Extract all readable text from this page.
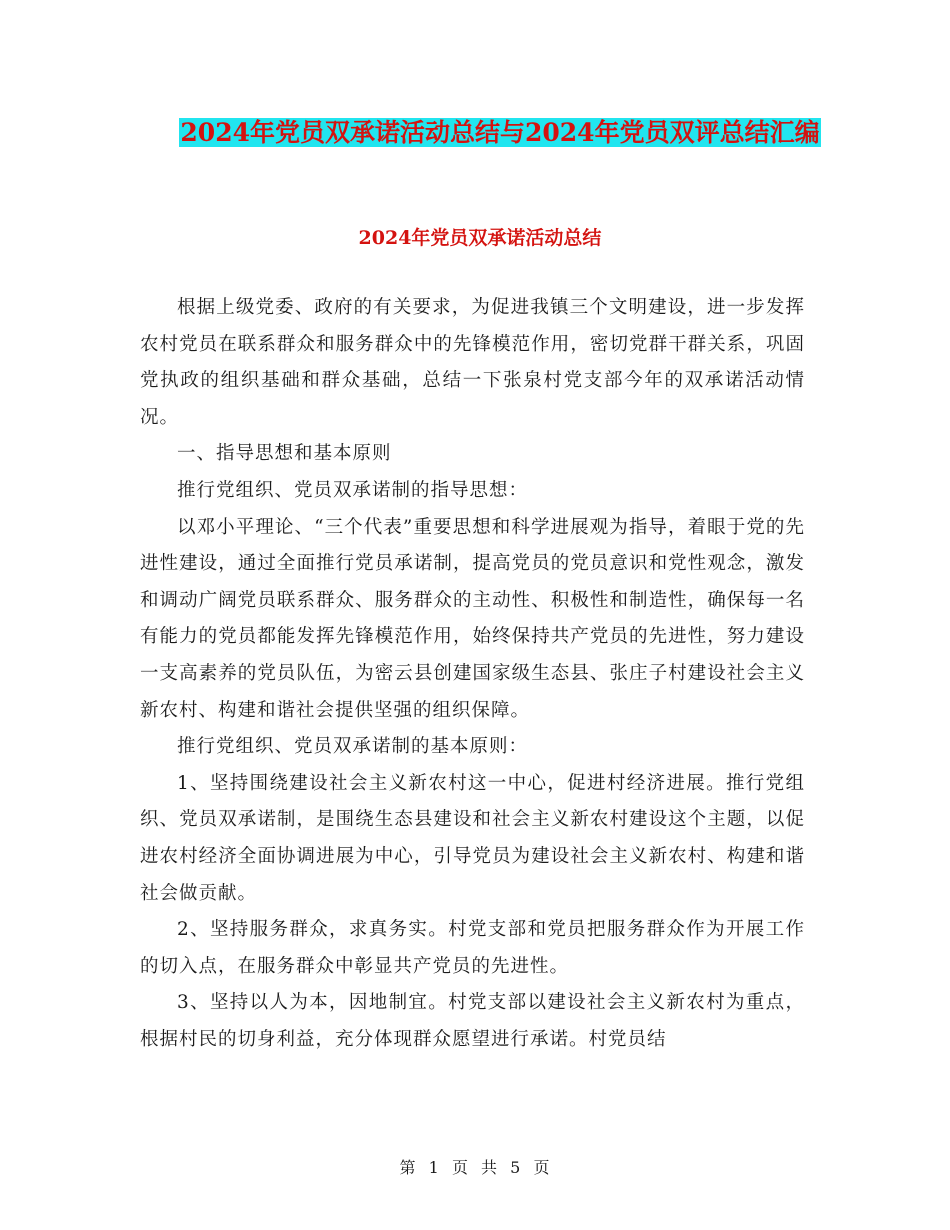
2024年党员双承诺活动总结与2024年党员双评总结汇编
2024年党员双承诺活动总结

根据上级党委、政府的有关要求，为促进我镇三个文明建设，进一步发挥农村党员在联系群众和服务群众中的先锋模范作用，密切党群干群关系，巩固党执政的组织基础和群众基础，总结一下张泉村党支部今年的双承诺活动情况。

一、指导思想和基本原则

推行党组织、党员双承诺制的指导思想：

以邓小平理论、“三个代表”重要思想和科学进展观为指导，着眼于党的先进性建设，通过全面推行党员承诺制，提高党员的党员意识和党性观念，激发和调动广阔党员联系群众、服务群众的主动性、积极性和制造性，确保每一名有能力的党员都能发挥先锋模范作用，始终保持共产党员的先进性，努力建设一支高素养的党员队伍，为密云县创建国家级生态县、张庄子村建设社会主义新农村、构建和谐社会提供坚强的组织保障。

推行党组织、党员双承诺制的基本原则：

1、坚持围绕建设社会主义新农村这一中心，促进村经济进展。推行党组织、党员双承诺制，是围绕生态县建设和社会主义新农村建设这个主题，以促进农村经济全面协调进展为中心，引导党员为建设社会主义新农村、构建和谐社会做贡献。

2、坚持服务群众，求真务实。村党支部和党员把服务群众作为开展工作的切入点，在服务群众中彰显共产党员的先进性。

3、坚持以人为本，因地制宜。村党支部以建设社会主义新农村为重点，根据村民的切身利益，充分体现群众愿望进行承诺。村党员结

第 1 页 共 5 页
